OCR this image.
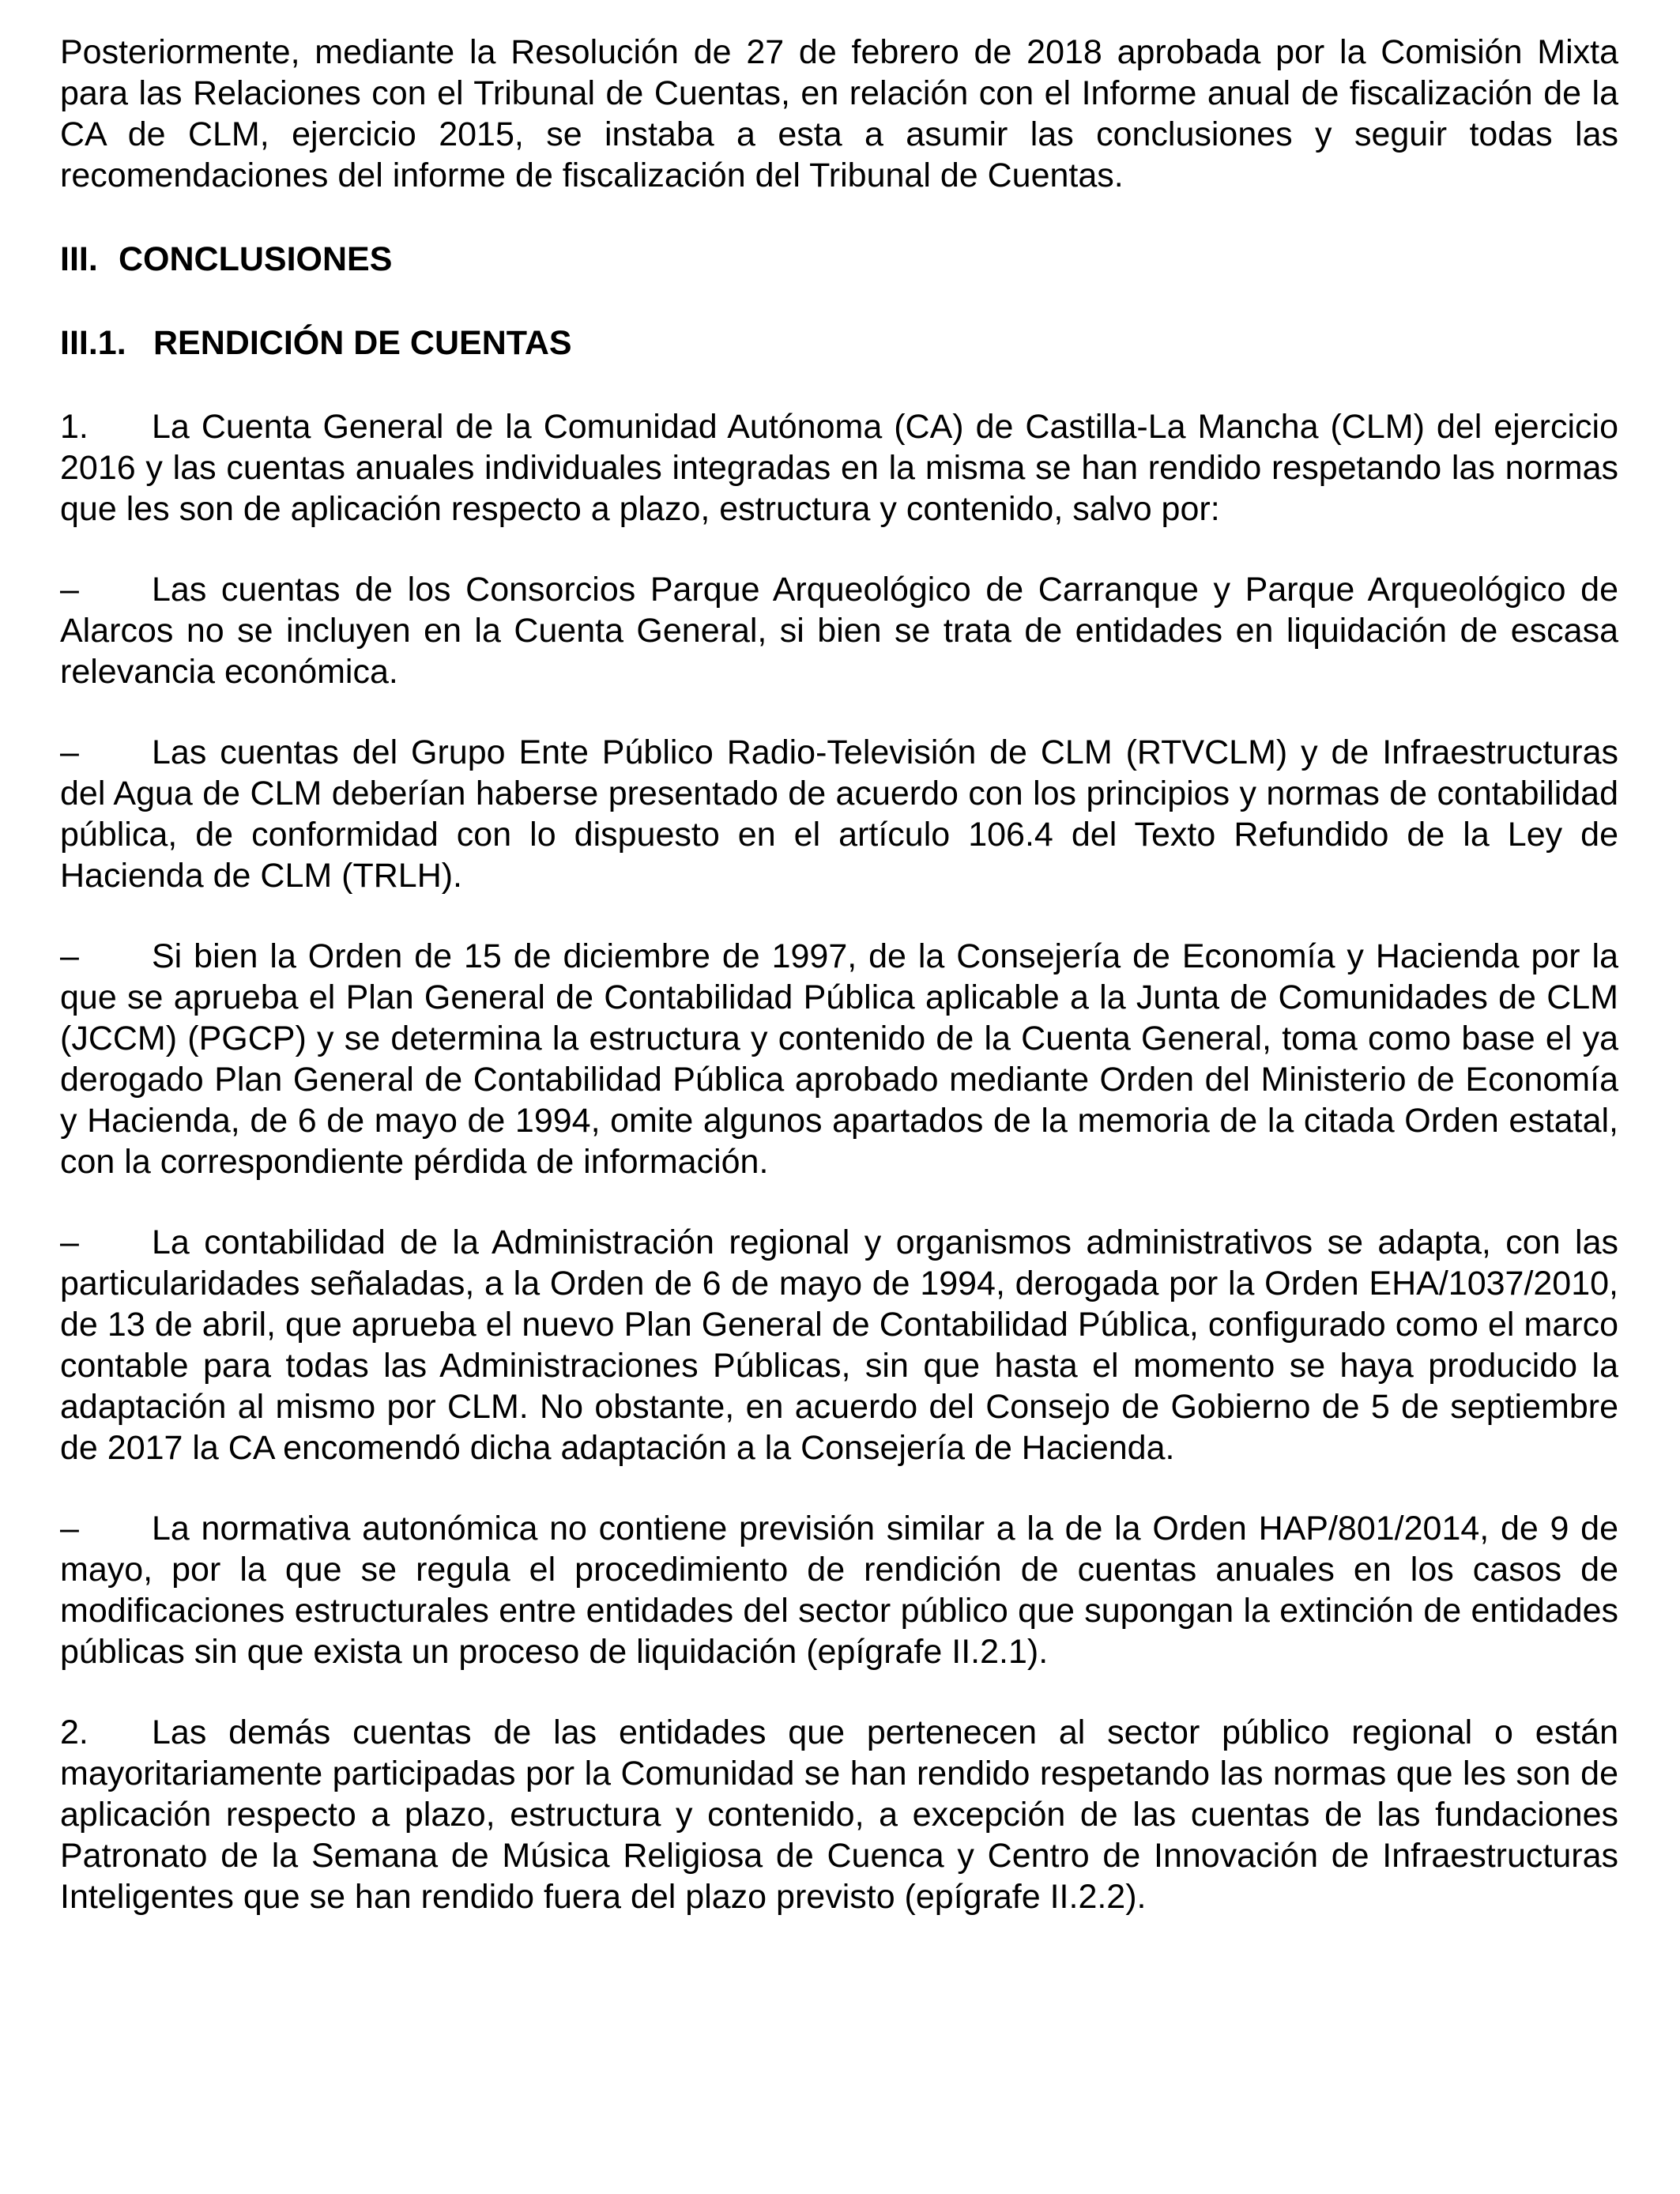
Posteriormente, mediante la Resolución de 27 de febrero de 2018 aprobada por la Comisión Mixta para las Relaciones con el Tribunal de Cuentas, en relación con el Informe anual de fiscalización de la CA de CLM, ejercicio 2015, se instaba a esta a asumir las conclusiones y seguir todas las recomendaciones del informe de fiscalización del Tribunal de Cuentas.

III. CONCLUSIONES

III.1. RENDICIÓN DE CUENTAS

1. La Cuenta General de la Comunidad Autónoma (CA) de Castilla-La Mancha (CLM) del ejercicio 2016 y las cuentas anuales individuales integradas en la misma se han rendido respetando las normas que les son de aplicación respecto a plazo, estructura y contenido, salvo por:

– Las cuentas de los Consorcios Parque Arqueológico de Carranque y Parque Arqueológico de Alarcos no se incluyen en la Cuenta General, si bien se trata de entidades en liquidación de escasa relevancia económica.

– Las cuentas del Grupo Ente Público Radio-Televisión de CLM (RTVCLM) y de Infraestructuras del Agua de CLM deberían haberse presentado de acuerdo con los principios y normas de contabilidad pública, de conformidad con lo dispuesto en el artículo 106.4 del Texto Refundido de la Ley de Hacienda de CLM (TRLH).

– Si bien la Orden de 15 de diciembre de 1997, de la Consejería de Economía y Hacienda por la que se aprueba el Plan General de Contabilidad Pública aplicable a la Junta de Comunidades de CLM (JCCM) (PGCP) y se determina la estructura y contenido de la Cuenta General, toma como base el ya derogado Plan General de Contabilidad Pública aprobado mediante Orden del Ministerio de Economía y Hacienda, de 6 de mayo de 1994, omite algunos apartados de la memoria de la citada Orden estatal, con la correspondiente pérdida de información.

– La contabilidad de la Administración regional y organismos administrativos se adapta, con las particularidades señaladas, a la Orden de 6 de mayo de 1994, derogada por la Orden EHA/1037/2010, de 13 de abril, que aprueba el nuevo Plan General de Contabilidad Pública, configurado como el marco contable para todas las Administraciones Públicas, sin que hasta el momento se haya producido la adaptación al mismo por CLM. No obstante, en acuerdo del Consejo de Gobierno de 5 de septiembre de 2017 la CA encomendó dicha adaptación a la Consejería de Hacienda.

– La normativa autonómica no contiene previsión similar a la de la Orden HAP/801/2014, de 9 de mayo, por la que se regula el procedimiento de rendición de cuentas anuales en los casos de modificaciones estructurales entre entidades del sector público que supongan la extinción de entidades públicas sin que exista un proceso de liquidación (epígrafe II.2.1).

2. Las demás cuentas de las entidades que pertenecen al sector público regional o están mayoritariamente participadas por la Comunidad se han rendido respetando las normas que les son de aplicación respecto a plazo, estructura y contenido, a excepción de las cuentas de las fundaciones Patronato de la Semana de Música Religiosa de Cuenca y Centro de Innovación de Infraestructuras Inteligentes que se han rendido fuera del plazo previsto (epígrafe II.2.2).
